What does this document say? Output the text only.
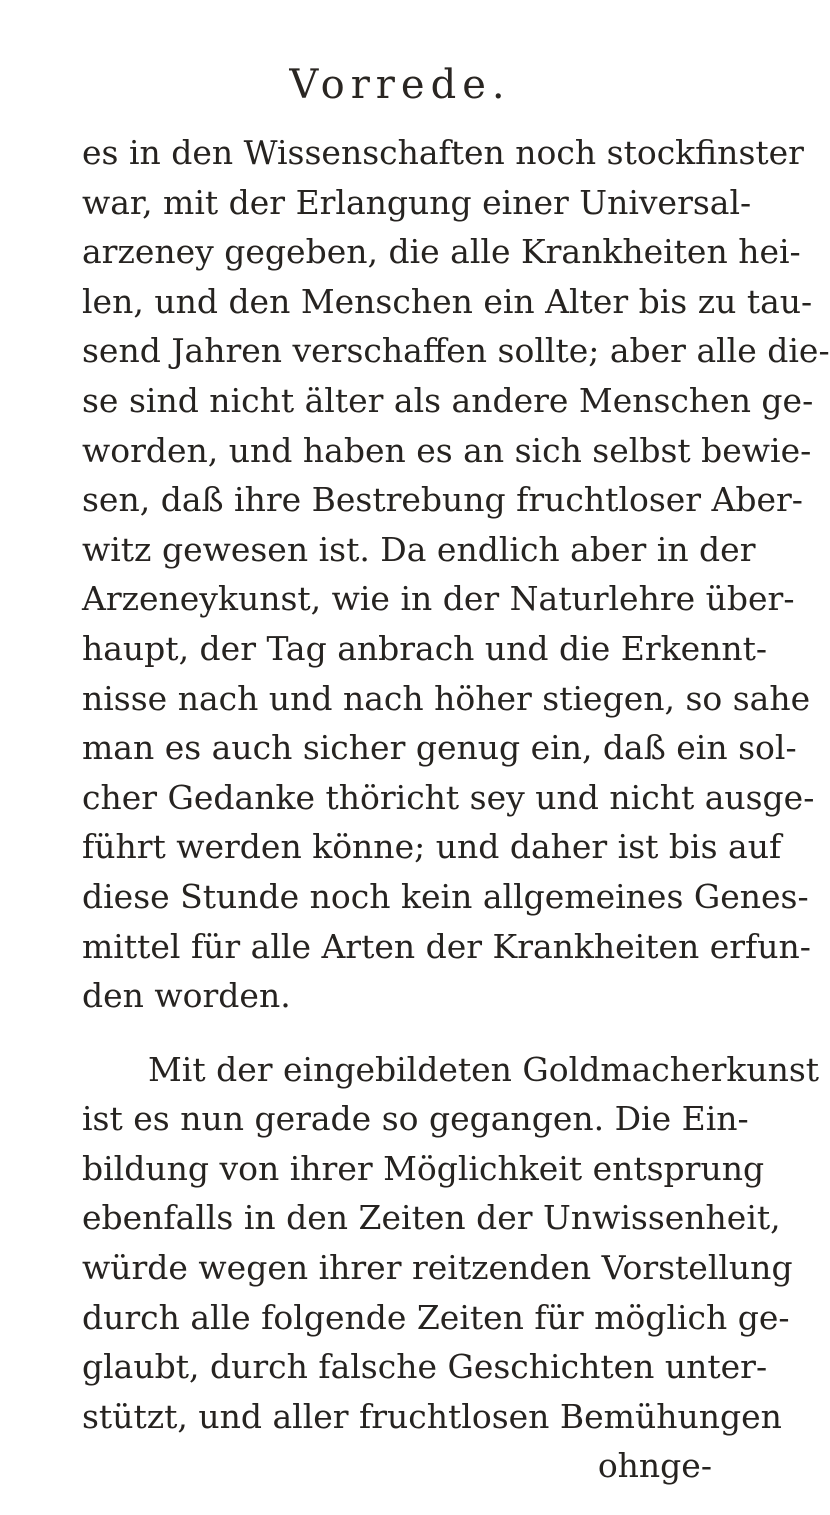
Vorrede.
es in den Wissenschaften noch stockfinster
war, mit der Erlangung einer Universal-
arzeney gegeben, die alle Krankheiten hei-
len, und den Menschen ein Alter bis zu tau-
send Jahren verschaffen sollte; aber alle die-
se sind nicht älter als andere Menschen ge-
worden, und haben es an sich selbst bewie-
sen, daß ihre Bestrebung fruchtloser Aber-
witz gewesen ist. Da endlich aber in der
Arzeneykunst, wie in der Naturlehre über-
haupt, der Tag anbrach und die Erkennt-
nisse nach und nach höher stiegen, so sahe
man es auch sicher genug ein, daß ein sol-
cher Gedanke thöricht sey und nicht ausge-
führt werden könne; und daher ist bis auf
diese Stunde noch kein allgemeines Genes-
mittel für alle Arten der Krankheiten erfun-
den worden.
Mit der eingebildeten Goldmacherkunst
ist es nun gerade so gegangen. Die Ein-
bildung von ihrer Möglichkeit entsprung
ebenfalls in den Zeiten der Unwissenheit,
würde wegen ihrer reitzenden Vorstellung
durch alle folgende Zeiten für möglich ge-
glaubt, durch falsche Geschichten unter-
stützt, und aller fruchtlosen Bemühungen
ohnge-
